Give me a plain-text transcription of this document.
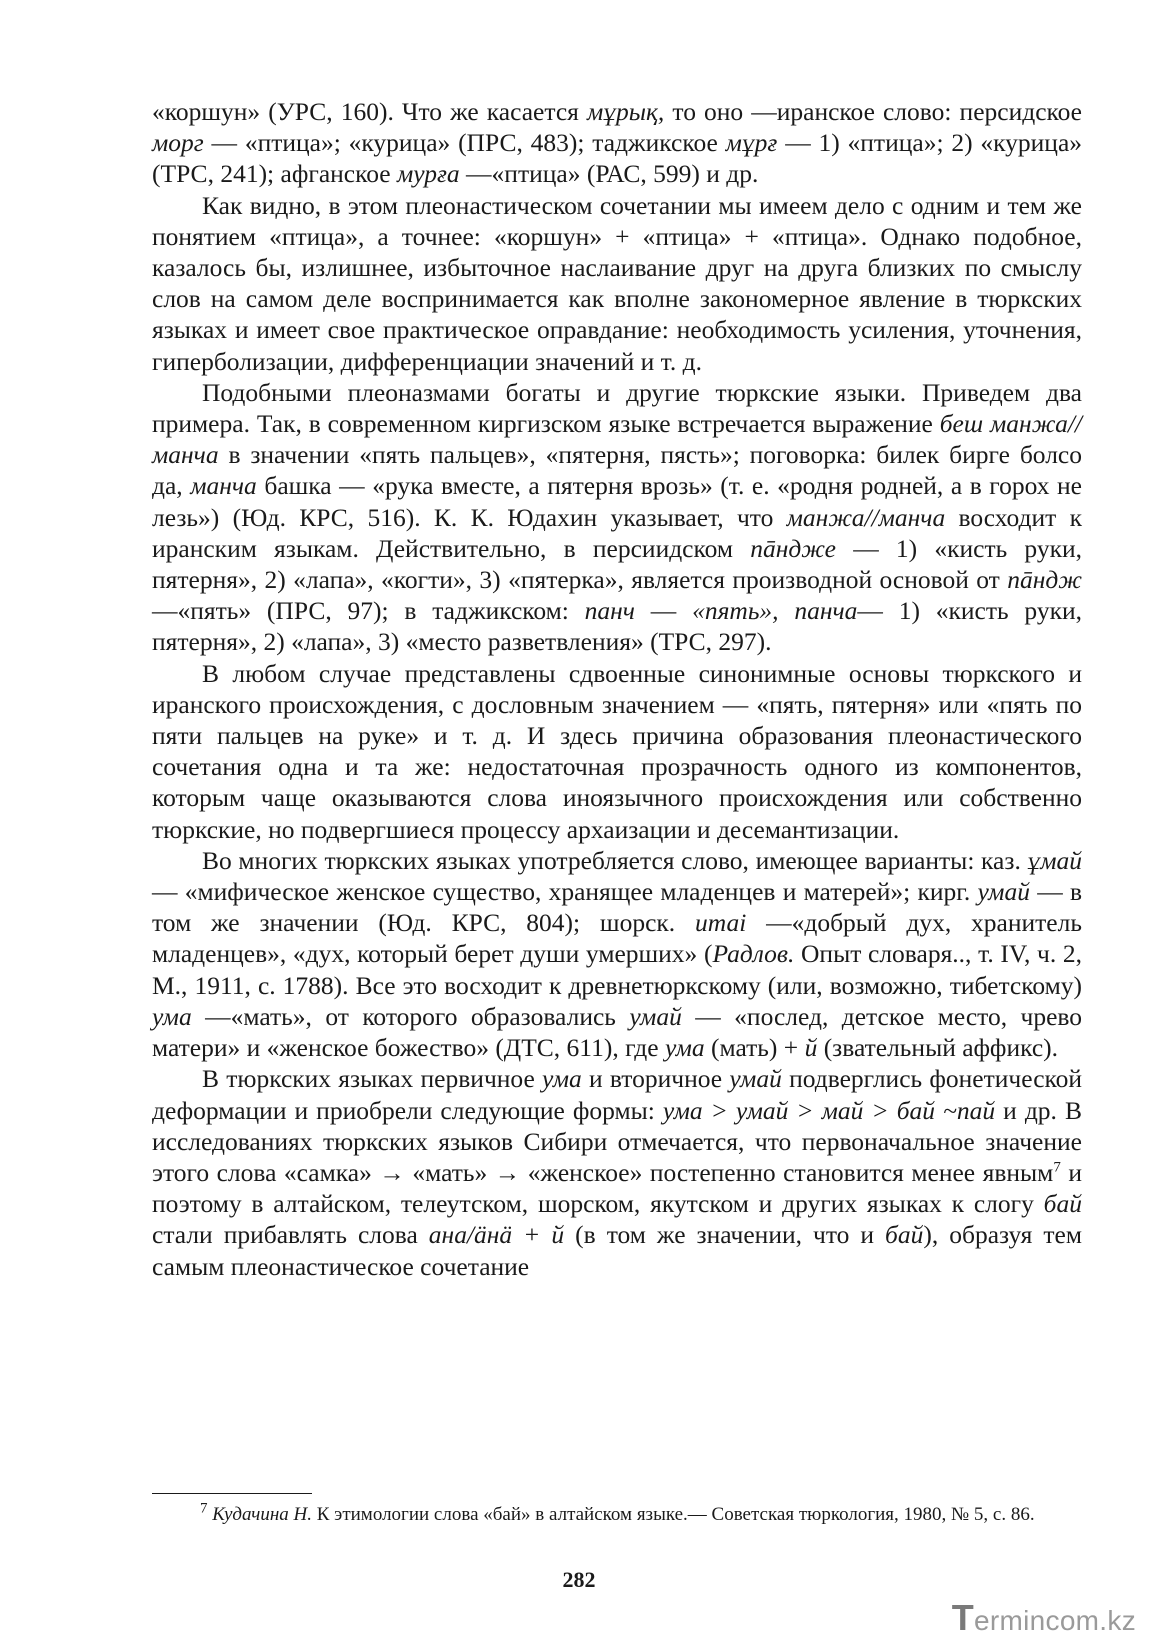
«коршун» (УРС, 160). Что же касается мұрық, то оно —иранское слово: персидское морг — «птица»; «курица» (ПРС, 483); таджикское мұрғ — 1) «птица»; 2) «курица» (ТРС, 241); афганское мурға —«птица» (РАС, 599) и др.

Как видно, в этом плеонастическом сочетании мы имеем дело с одним и тем же понятием «птица», а точнее: «коршун» + «птица» + «птица». Однако подобное, казалось бы, излишнее, избыточное наслаивание друг на друга близких по смыслу слов на самом деле воспринимается как вполне закономерное явление в тюркских языках и имеет свое практическое оправдание: необходимость усиления, уточнения, гиперболизации, дифференциации значений и т. д.

Подобными плеоназмами богаты и другие тюркские языки. Приведем два примера. Так, в современном киргизском языке встречается выражение беш манжа//манча в значении «пять пальцев», «пятерня, пясть»; поговорка: билек бирге болсо да, манча башка — «рука вместе, а пятерня врозь» (т. е. «родня родней, а в горох не лезь») (Юд. КРС, 516). К. К. Юдахин указывает, что манжа//манча восходит к иранским языкам. Действительно, в персиидском пāндже — 1) «кисть руки, пятерня», 2) «лапа», «когти», 3) «пятерка», является производной основой от пāндж —«пять» (ПРС, 97); в таджикском: панч — «пять», панча— 1) «кисть руки, пятерня», 2) «лапа», 3) «место разветвления» (ТРС, 297).

В любом случае представлены сдвоенные синонимные основы тюркского и иранского происхождения, с дословным значением — «пять, пятерня» или «пять по пяти пальцев на руке» и т. д. И здесь причина образования плеонастического сочетания одна и та же: недостаточная прозрачность одного из компонентов, которым чаще оказываются слова иноязычного происхождения или собственно тюркские, но подвергшиеся процессу архаизации и десемантизации.

Во многих тюркских языках употребляется слово, имеющее варианты: каз. ұмай — «мифическое женское существо, хранящее младенцев и матерей»; кирг. умай — в том же значении (Юд. КРС, 804); шорск. итаі —«добрый дух, хранитель младенцев», «дух, который берет души умерших» (Радлов. Опыт словаря.., т. IV, ч. 2, М., 1911, с. 1788). Все это восходит к древнетюркскому (или, возможно, тибетскому) ума —«мать», от которого образовались умай — «послед, детское место, чрево матери» и «женское божество» (ДТС, 611), где ума (мать) + й (звательный аффикс).

В тюркских языках первичное ума и вторичное умай подверглись фонетической деформации и приобрели следующие формы: ума > умай > май > бай ~пай и др. В исследованиях тюркских языков Сибири отмечается, что первоначальное значение этого слова «самка» → «мать» → «женское» постепенно становится менее явным$^7$ и поэтому в алтайском, телеутском, шорском, якутском и других языках к слогу бай стали прибавлять слова ана/äнä + й (в том же значении, что и бай), образуя тем самым плеонастическое сочетание

$^7$ Кудачина Н. К этимологии слова «бай» в алтайском языке.— Советская тюркология, 1980, № 5, с. 86.
282
Termincom.kz
